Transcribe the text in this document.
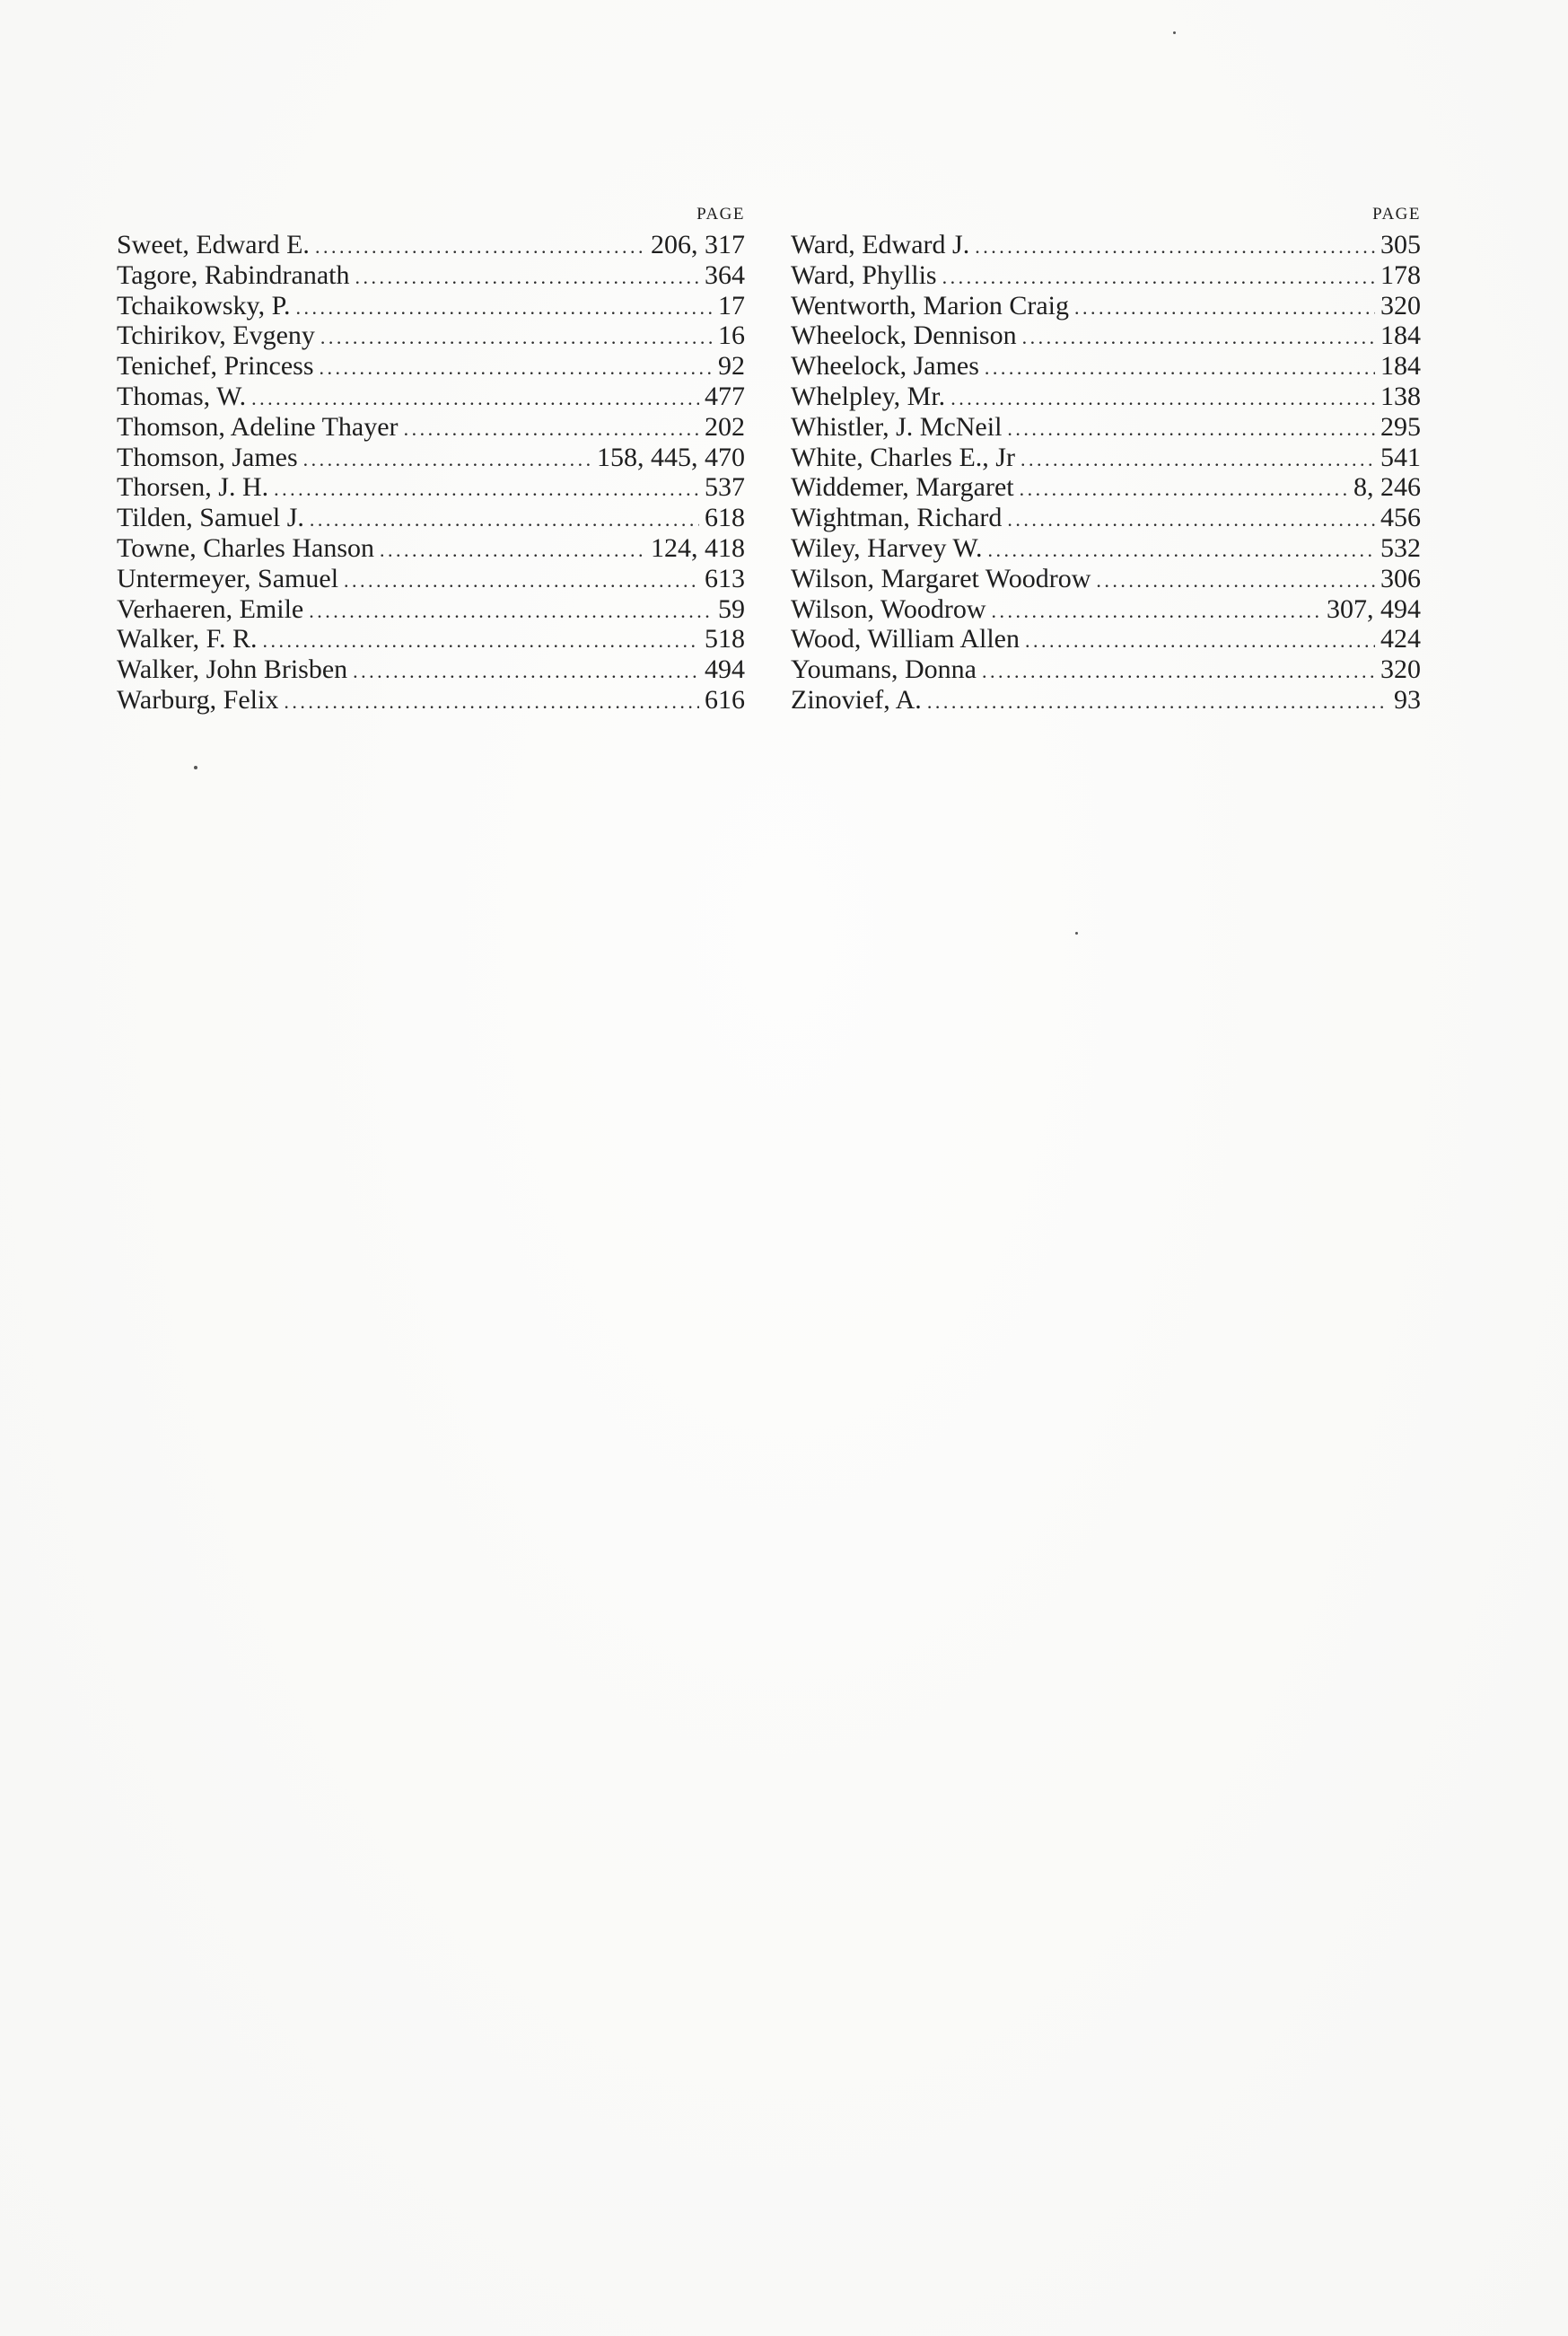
PAGE
Sweet, Edward E. . . .	206, 317
Tagore, Rabindranath . . .	364
Tchaikowsky, P. . . .	17
Tchirikov, Evgeny . . .	16
Tenichef, Princess . . .	92
Thomas, W. . . .	477
Thomson, Adeline Thayer . . .	202
Thomson, James . . .	158, 445, 470
Thorsen, J. H. . . .	537
Tilden, Samuel J. . . .	618
Towne, Charles Hanson . . .	124, 418
Untermeyer, Samuel . . .	613
Verhaeren, Emile . . .	59
Walker, F. R. . . .	518
Walker, John Brisben . . .	494
Warburg, Felix . . .	616
PAGE
Ward, Edward J. . . .	305
Ward, Phyllis . . .	178
Wentworth, Marion Craig . . .	320
Wheelock, Dennison . . .	184
Wheelock, James . . .	184
Whelpley, Mr. . . .	138
Whistler, J. McNeil . . .	295
White, Charles E., Jr . . .	541
Widdemer, Margaret . . .	8, 246
Wightman, Richard . . .	456
Wiley, Harvey W. . . .	532
Wilson, Margaret Woodrow . . .	306
Wilson, Woodrow . . .	307, 494
Wood, William Allen . . .	424
Youmans, Donna . . .	320
Zinovief, A. . . .	93
